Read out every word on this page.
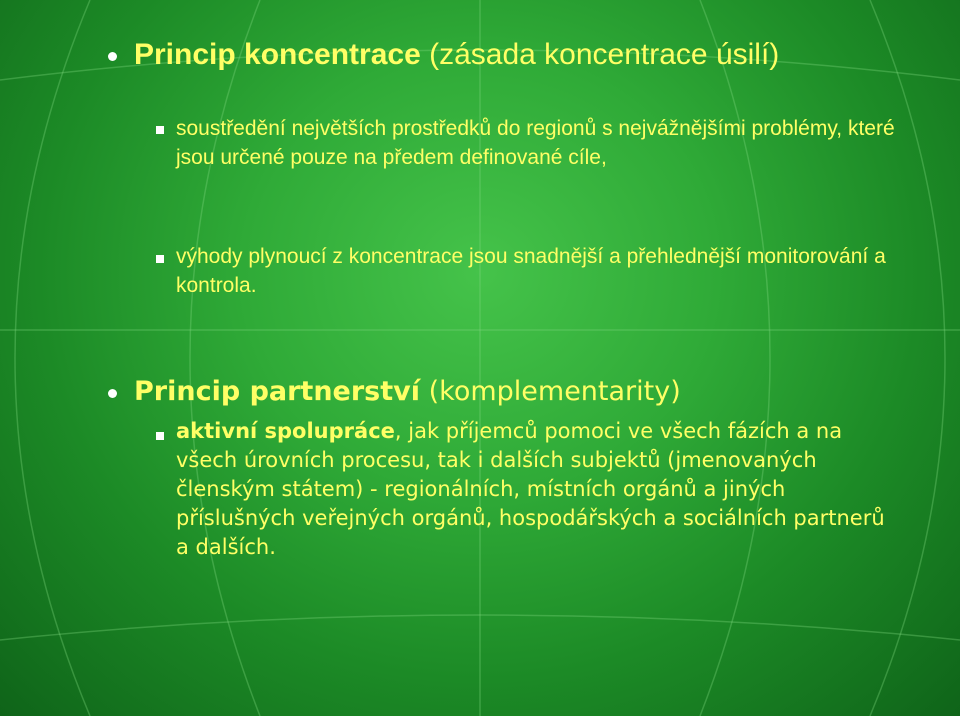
Princip koncentrace (zásada koncentrace úsilí)
soustředění největších prostředků do regionů s nejvážnějšími problémy, které jsou určené pouze na předem definované cíle,
výhody plynoucí z koncentrace jsou snadnější a přehlednější monitorování a kontrola.
Princip partnerství (komplementarity)
aktivní spolupráce, jak příjemců pomoci ve všech fázích a na všech úrovních procesu, tak i dalších subjektů (jmenovaných členským státem) - regionálních, místních orgánů a jiných příslušných veřejných orgánů, hospodářských a sociálních partnerů a dalších.
